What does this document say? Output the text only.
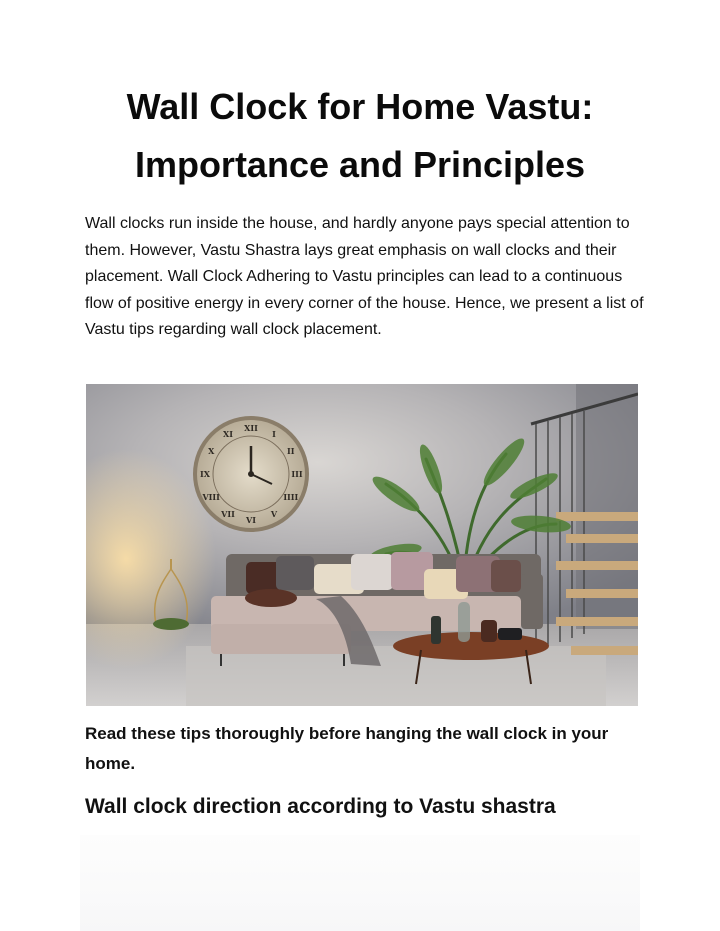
Wall Clock for Home Vastu: Importance and Principles

Wall clocks run inside the house, and hardly anyone pays special attention to them. However, Vastu Shastra lays great emphasis on wall clocks and their placement. Wall Clock Adhering to Vastu principles can lead to a continuous flow of positive energy in every corner of the house. Hence, we present a list of Vastu tips regarding wall clock placement.

XII
I
II
III
IIII
V
VI
VII
VIII
IX
X
XI

Read these tips thoroughly before hanging the wall clock in your home.

Wall clock direction according to Vastu shastra
